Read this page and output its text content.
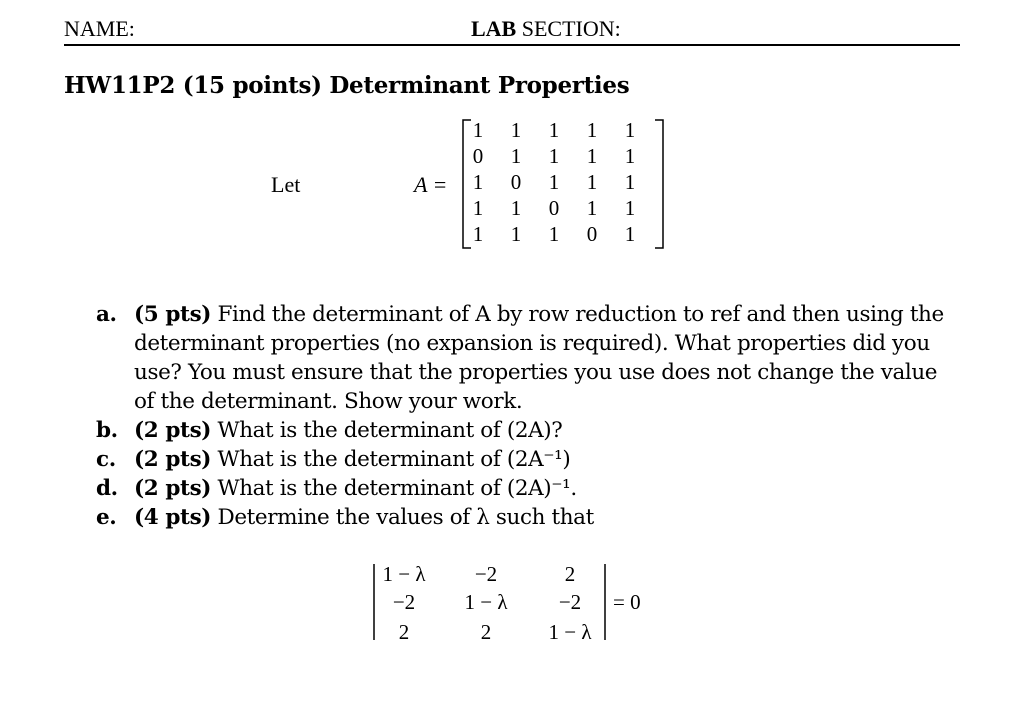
NAME:	LAB SECTION:
HW11P2 (15 points) Determinant Properties
Let	A =
1 1 1 1 1
0 1 1 1 1
1 0 1 1 1
1 1 0 1 1
1 1 1 0 1
a. (5 pts) Find the determinant of A by row reduction to ref and then using the determinant properties (no expansion is required). What properties did you use? You must ensure that the properties you use does not change the value of the determinant. Show your work.
b. (2 pts) What is the determinant of (2A)?
c. (2 pts) What is the determinant of (2A⁻¹)
d. (2 pts) What is the determinant of (2A)⁻¹.
e. (4 pts) Determine the values of λ such that
1 − λ	−2	2
−2	1 − λ	−2
2	2	1 − λ
= 0
